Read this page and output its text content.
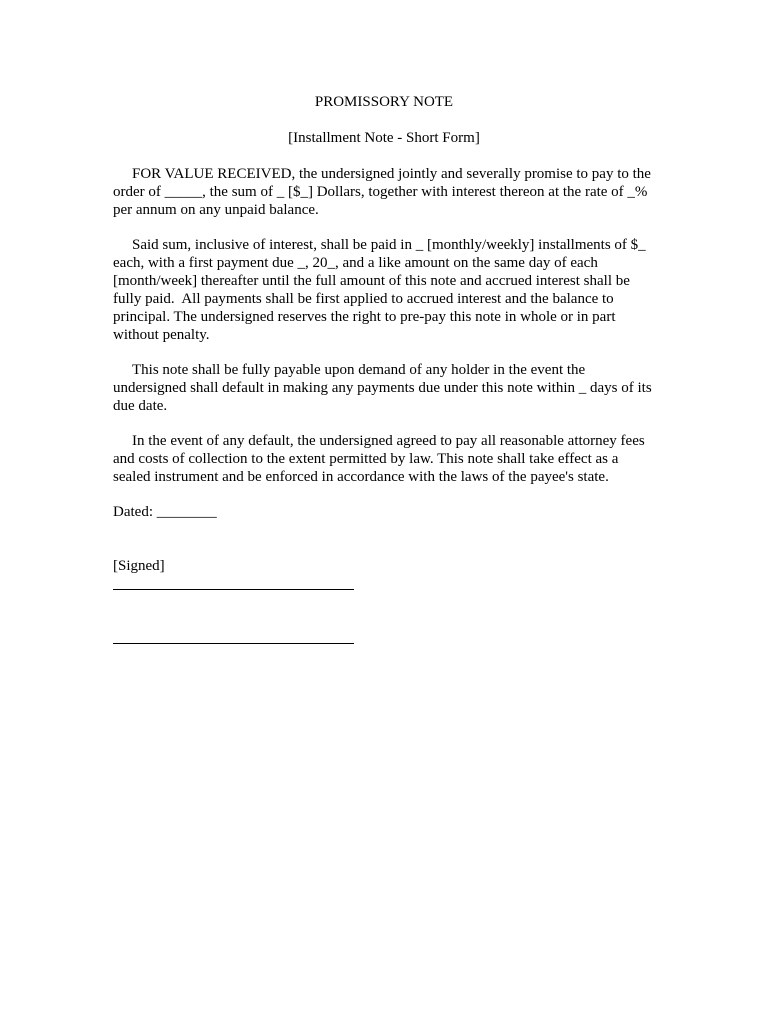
PROMISSORY NOTE

[Installment Note - Short Form]

FOR VALUE RECEIVED, the undersigned jointly and severally promise to pay to the
order of _____, the sum of _ [$_] Dollars, together with interest thereon at the rate of _%
per annum on any unpaid balance.

Said sum, inclusive of interest, shall be paid in _ [monthly/weekly] installments of $_
each, with a first payment due _, 20_, and a like amount on the same day of each
[month/week] thereafter until the full amount of this note and accrued interest shall be
fully paid.  All payments shall be first applied to accrued interest and the balance to
principal. The undersigned reserves the right to pre-pay this note in whole or in part
without penalty.

This note shall be fully payable upon demand of any holder in the event the
undersigned shall default in making any payments due under this note within _ days of its
due date.

In the event of any default, the undersigned agreed to pay all reasonable attorney fees
and costs of collection to the extent permitted by law. This note shall take effect as a
sealed instrument and be enforced in accordance with the laws of the payee's state.

Dated: ________

[Signed]
